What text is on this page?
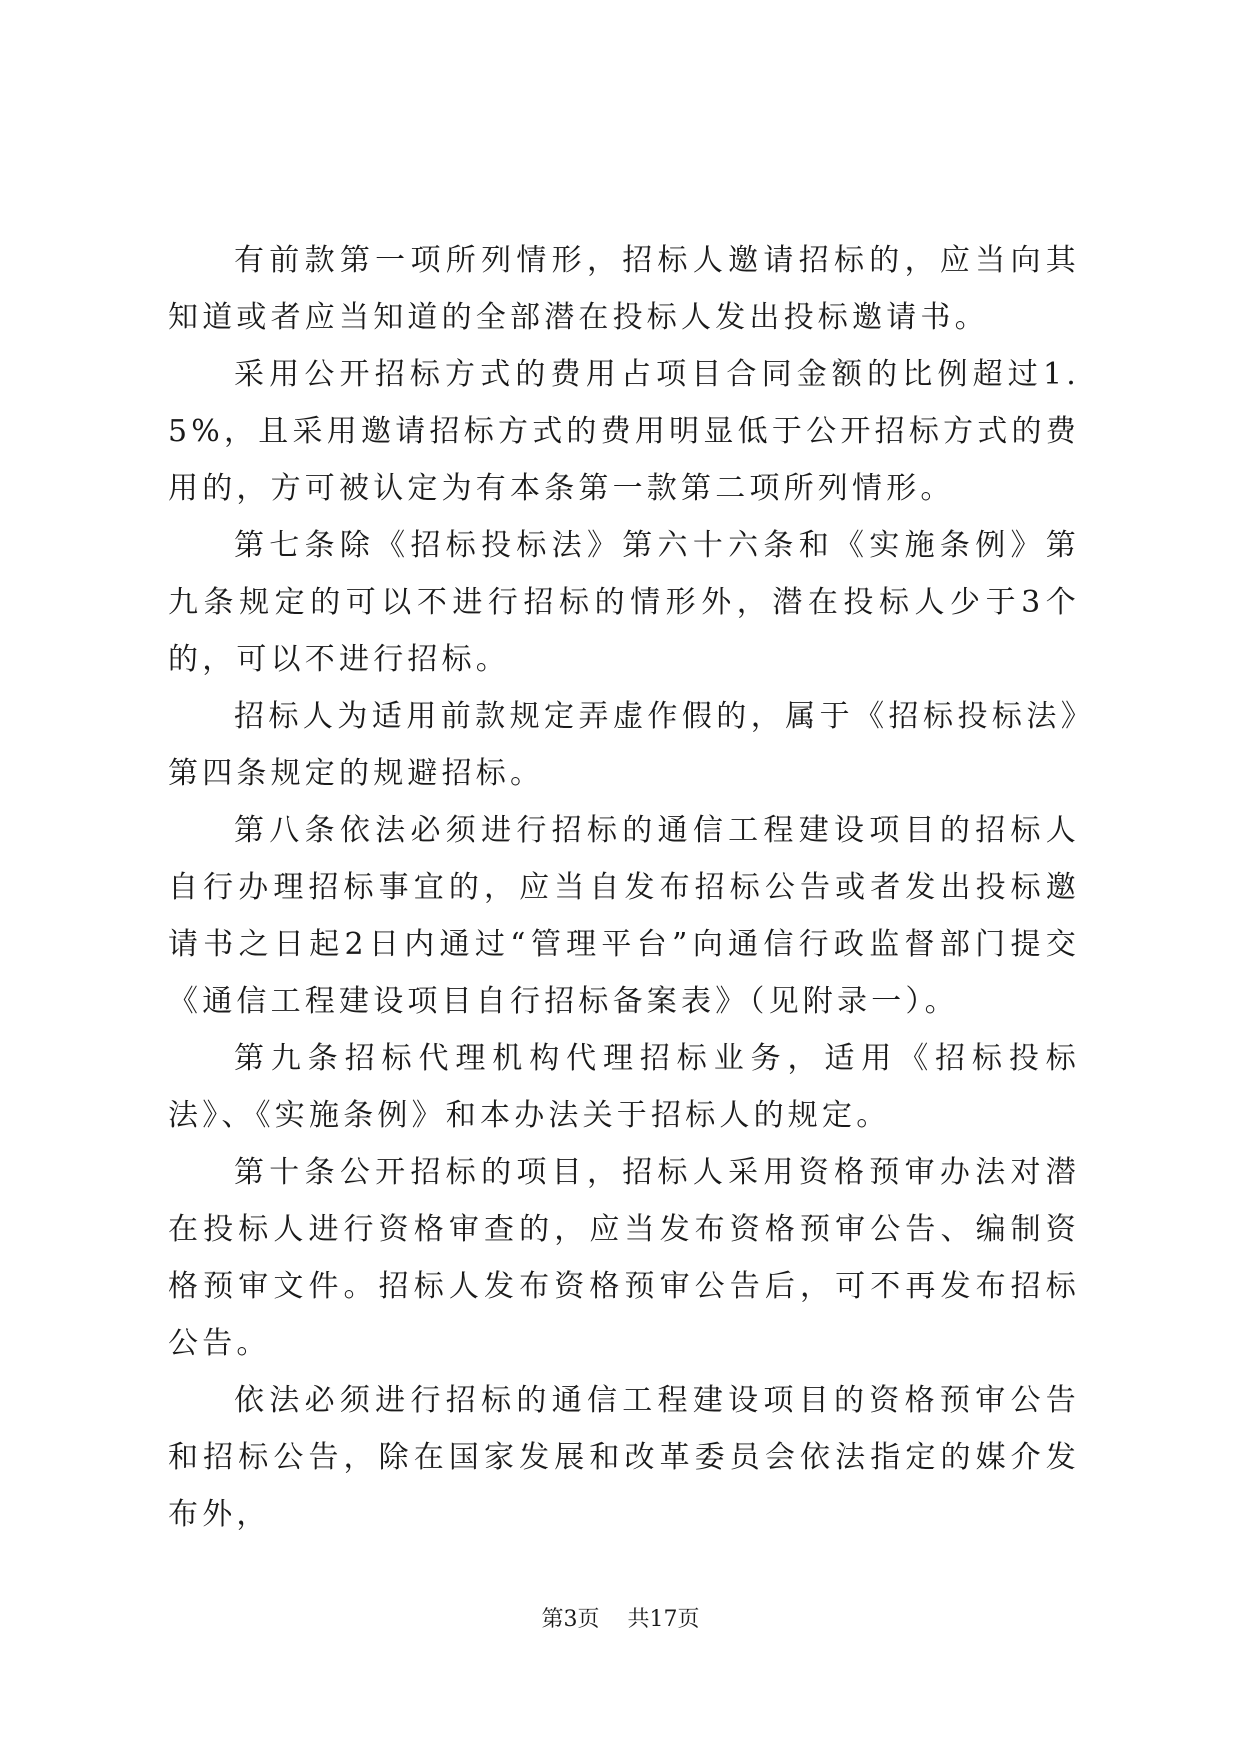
有前款第一项所列情形，招标人邀请招标的，应当向其知道或者应当知道的全部潜在投标人发出投标邀请书。

采用公开招标方式的费用占项目合同金额的比例超过1.5%，且采用邀请招标方式的费用明显低于公开招标方式的费用的，方可被认定为有本条第一款第二项所列情形。

第七条除《招标投标法》第六十六条和《实施条例》第九条规定的可以不进行招标的情形外，潜在投标人少于3个的，可以不进行招标。

招标人为适用前款规定弄虚作假的，属于《招标投标法》第四条规定的规避招标。

第八条依法必须进行招标的通信工程建设项目的招标人自行办理招标事宜的，应当自发布招标公告或者发出投标邀请书之日起2日内通过“管理平台”向通信行政监督部门提交《通信工程建设项目自行招标备案表》（见附录一）。

第九条招标代理机构代理招标业务，适用《招标投标法》、《实施条例》和本办法关于招标人的规定。

第十条公开招标的项目，招标人采用资格预审办法对潜在投标人进行资格审查的，应当发布资格预审公告、编制资格预审文件。招标人发布资格预审公告后，可不再发布招标公告。

依法必须进行招标的通信工程建设项目的资格预审公告和招标公告，除在国家发展和改革委员会依法指定的媒介发布外，

第3页 共17页
